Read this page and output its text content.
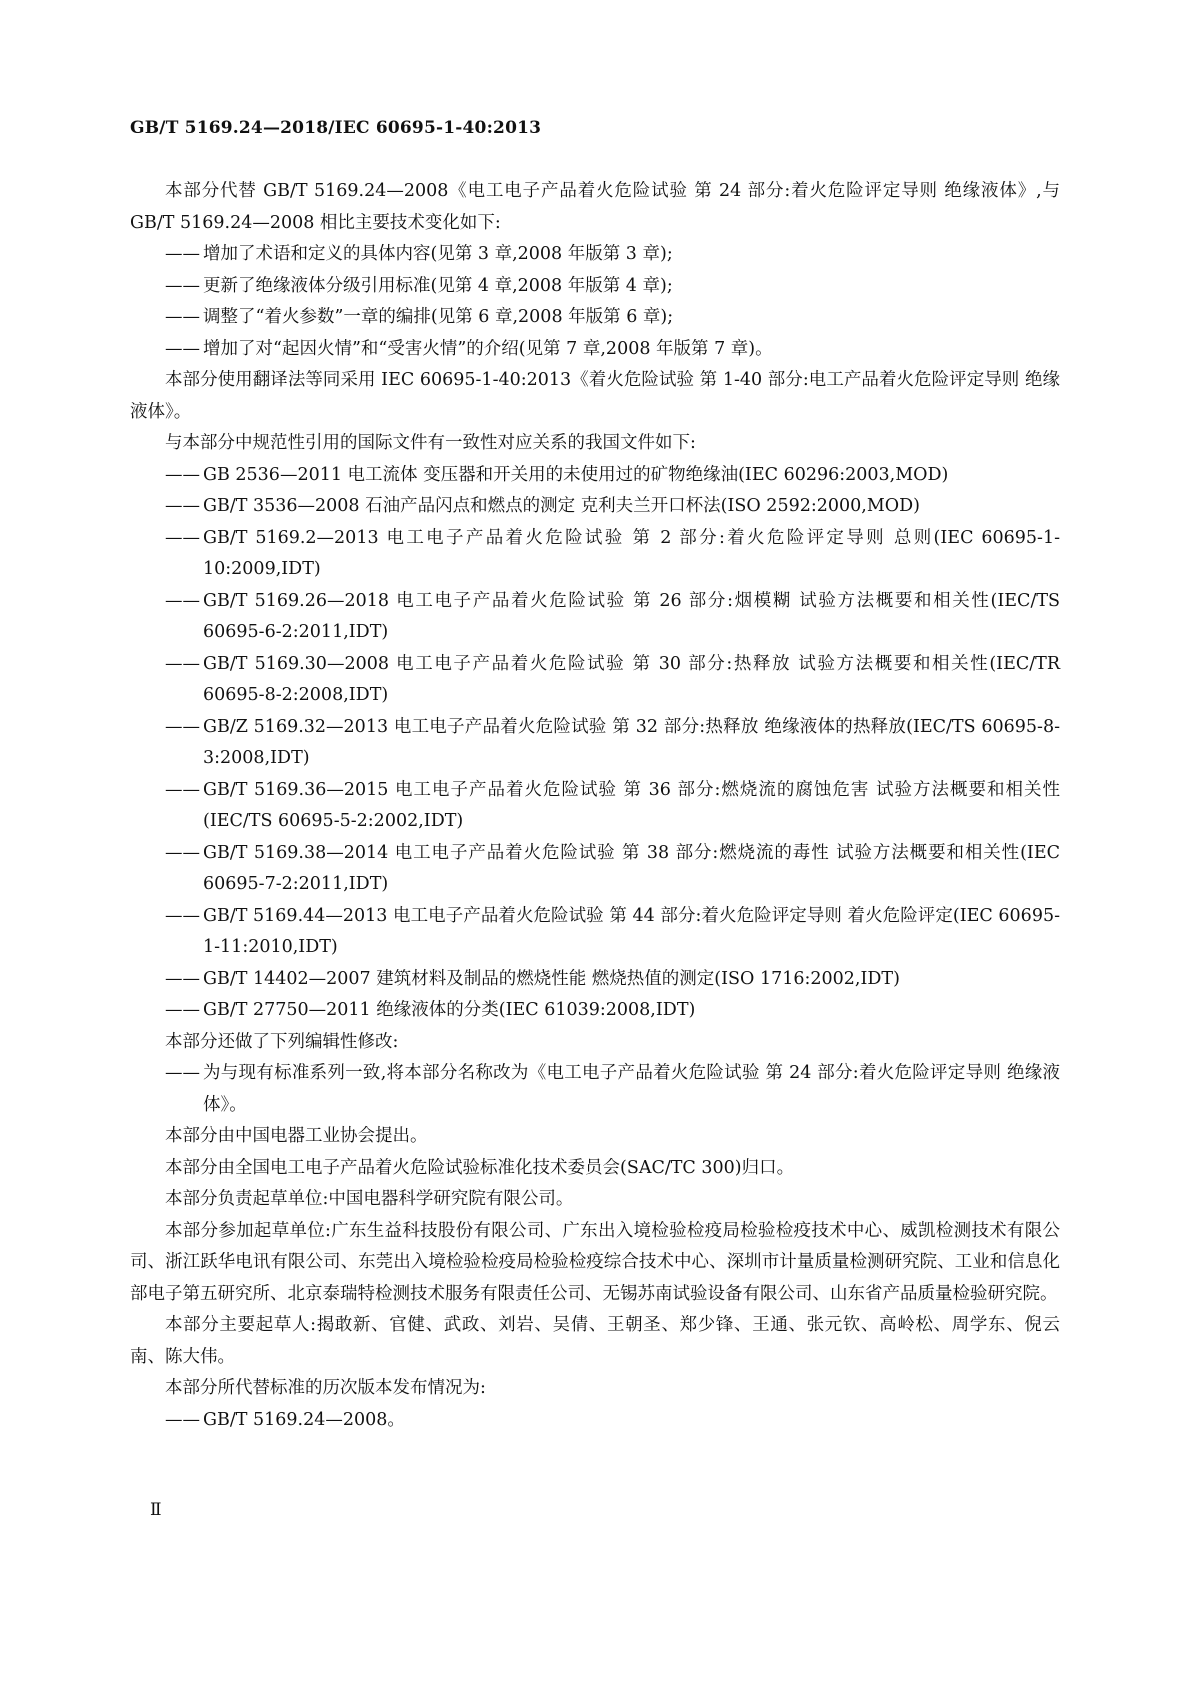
GB/T 5169.24—2018/IEC 60695-1-40:2013

本部分代替 GB/T 5169.24—2008《电工电子产品着火危险试验 第 24 部分:着火危险评定导则 绝缘液体》,与 GB/T 5169.24—2008 相比主要技术变化如下:

—— 增加了术语和定义的具体内容(见第 3 章,2008 年版第 3 章);
—— 更新了绝缘液体分级引用标准(见第 4 章,2008 年版第 4 章);
—— 调整了“着火参数”一章的编排(见第 6 章,2008 年版第 6 章);
—— 增加了对“起因火情”和“受害火情”的介绍(见第 7 章,2008 年版第 7 章)。

本部分使用翻译法等同采用 IEC 60695-1-40:2013《着火危险试验 第 1-40 部分:电工产品着火危险评定导则 绝缘液体》。

与本部分中规范性引用的国际文件有一致性对应关系的我国文件如下:

—— GB 2536—2011 电工流体 变压器和开关用的未使用过的矿物绝缘油(IEC 60296:2003,MOD)
—— GB/T 3536—2008 石油产品闪点和燃点的测定 克利夫兰开口杯法(ISO 2592:2000,MOD)
—— GB/T 5169.2—2013 电工电子产品着火危险试验 第 2 部分:着火危险评定导则 总则(IEC 60695-1-10:2009,IDT)
—— GB/T 5169.26—2018 电工电子产品着火危险试验 第 26 部分:烟模糊 试验方法概要和相关性(IEC/TS 60695-6-2:2011,IDT)
—— GB/T 5169.30—2008 电工电子产品着火危险试验 第 30 部分:热释放 试验方法概要和相关性(IEC/TR 60695-8-2:2008,IDT)
—— GB/Z 5169.32—2013 电工电子产品着火危险试验 第 32 部分:热释放 绝缘液体的热释放(IEC/TS 60695-8-3:2008,IDT)
—— GB/T 5169.36—2015 电工电子产品着火危险试验 第 36 部分:燃烧流的腐蚀危害 试验方法概要和相关性(IEC/TS 60695-5-2:2002,IDT)
—— GB/T 5169.38—2014 电工电子产品着火危险试验 第 38 部分:燃烧流的毒性 试验方法概要和相关性(IEC 60695-7-2:2011,IDT)
—— GB/T 5169.44—2013 电工电子产品着火危险试验 第 44 部分:着火危险评定导则 着火危险评定(IEC 60695-1-11:2010,IDT)
—— GB/T 14402—2007 建筑材料及制品的燃烧性能 燃烧热值的测定(ISO 1716:2002,IDT)
—— GB/T 27750—2011 绝缘液体的分类(IEC 61039:2008,IDT)

本部分还做了下列编辑性修改:

—— 为与现有标准系列一致,将本部分名称改为《电工电子产品着火危险试验 第 24 部分:着火危险评定导则 绝缘液体》。

本部分由中国电器工业协会提出。

本部分由全国电工电子产品着火危险试验标准化技术委员会(SAC/TC 300)归口。

本部分负责起草单位:中国电器科学研究院有限公司。

本部分参加起草单位:广东生益科技股份有限公司、广东出入境检验检疫局检验检疫技术中心、威凯检测技术有限公司、浙江跃华电讯有限公司、东莞出入境检验检疫局检验检疫综合技术中心、深圳市计量质量检测研究院、工业和信息化部电子第五研究所、北京泰瑞特检测技术服务有限责任公司、无锡苏南试验设备有限公司、山东省产品质量检验研究院。

本部分主要起草人:揭敢新、官健、武政、刘岩、吴倩、王朝圣、郑少锋、王通、张元钦、高岭松、周学东、倪云南、陈大伟。

本部分所代替标准的历次版本发布情况为:

—— GB/T 5169.24—2008。
Ⅱ
